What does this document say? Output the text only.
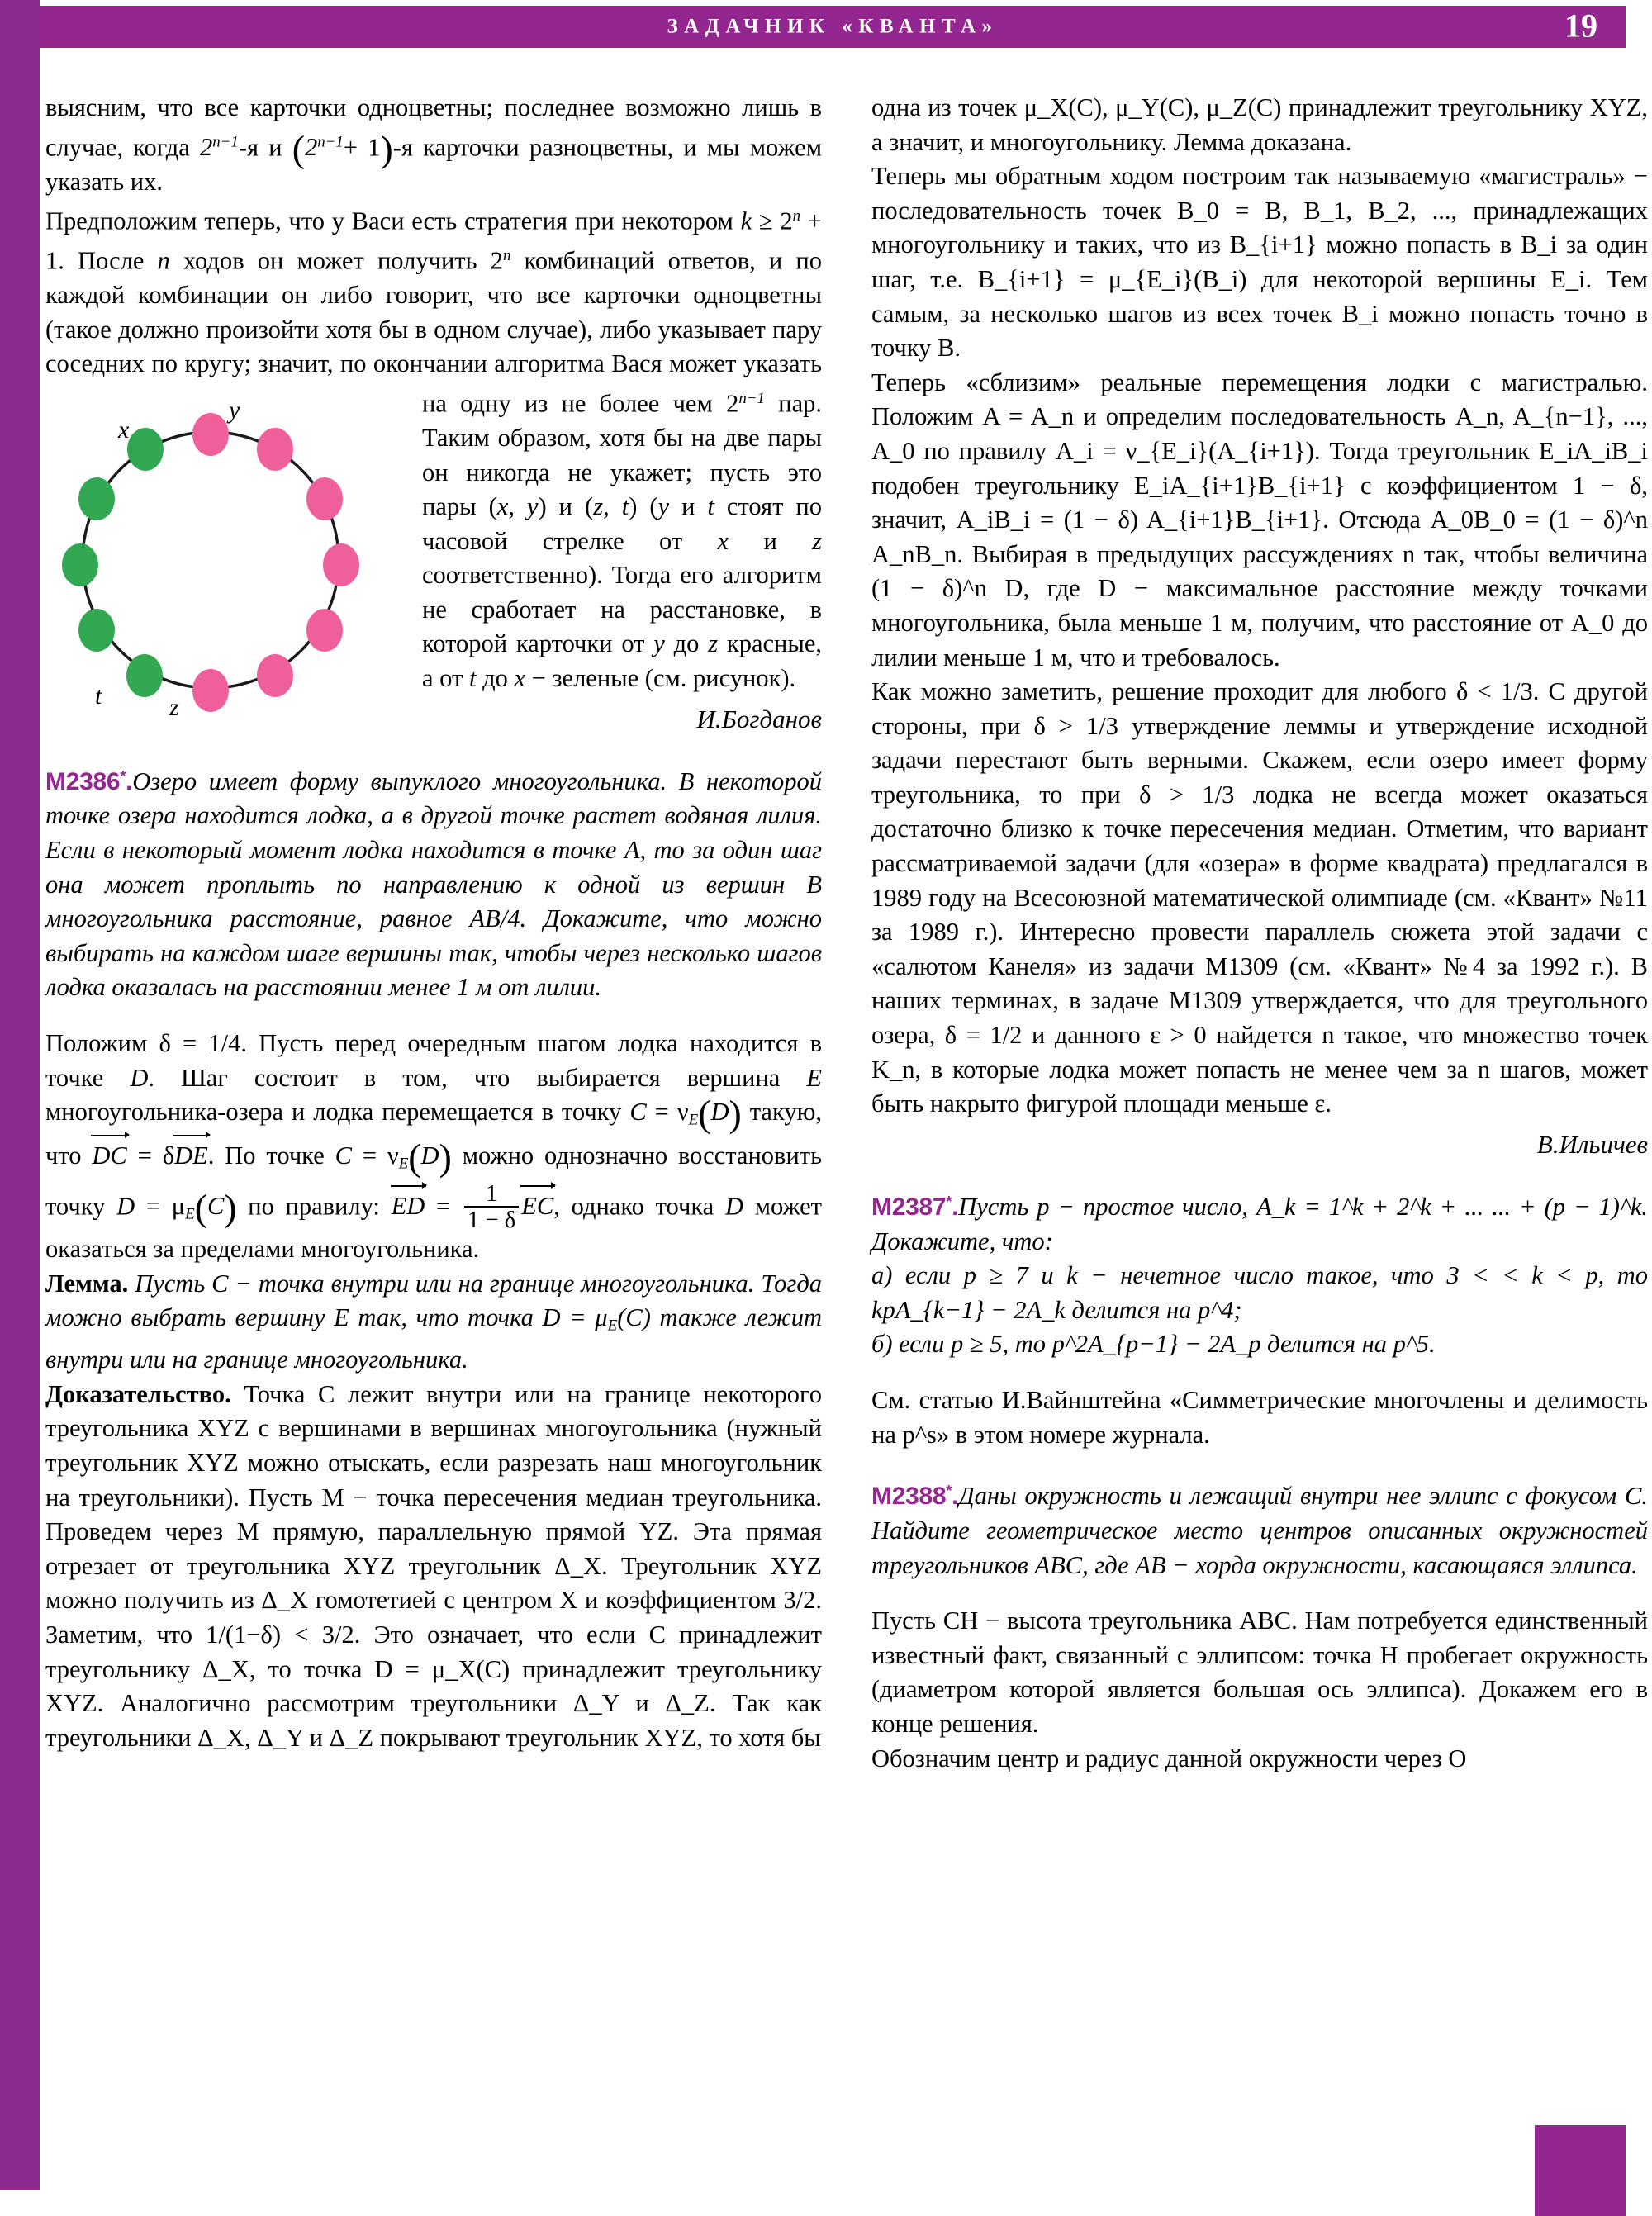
ЗАДАЧНИК «КВАНТА»	19

выясним, что все карточки одноцветны; последнее возможно лишь в случае, когда $2^{n-1}-я$ и $(2^{n-1}+ 1)-я$ карточки разноцветны, и мы можем указать их.

Предположим теперь, что у Васи есть стратегия при некотором $k \ge 2^n + 1$. После n ходов он может получить 2$^n$ комбинаций ответов, и по каждой комбинации он либо говорит, что все карточки одноцветны (такое должно произойти хотя бы в одном случае), либо указывает пару соседних по кругу; значит, по окончании алгоритма Вася может указать на одну из не более чем $2^{n-1}$
x
y
t	z
пар. Таким образом, хотя бы на две пары он никогда не укажет; пусть это пары (x, y) и (z, t) (y и t стоят по часовой стрелке от x и z соответственно). Тогда его алгоритм не сработает на расстановке, в которой карточки от y до z красные, а от t до x − зеленые (см. рисунок).

И.Богданов

M2386*.Озеро имеет форму выпуклого многоугольника. В некоторой точке озера находится лодка, а в другой точке растет водяная лилия. Если в некоторый момент лодка находится в точке A, то за один шаг она может проплыть по направлению к одной из вершин B многоугольника расстояние, равное AB/4. Докажите, что можно выбирать на каждом шаге вершины так, чтобы через несколько шагов лодка оказалась на расстоянии менее 1 м от лилии.

Положим δ = 1/4. Пусть перед очередным шагом лодка находится в точке D. Шаг состоит в том, что выбирается вершина E многоугольника-озера и лодка перемещается в точку $C = \nu_E(D)$ такую, что DC = δDE. По точке $C = \nu_E(D)$ можно однозначно восстановить точку $D = \mu_E(C)$ по правилу: ED = $\frac{1}{1 - \delta}$ EC, однако точка D может оказаться за пределами многоугольника.

Лемма. Пусть C − точка внутри или на границе многоугольника. Тогда можно выбрать вершину E так, что точка $D = \mu_E(C)$ также лежит внутри или на границе многоугольника.

Доказательство. Точка C лежит внутри или на границе некоторого треугольника XYZ с вершинами в вершинах многоугольника (нужный треугольник XYZ можно отыскать, если разрезать наш многоугольник на треугольники). Пусть M − точка пересечения медиан треугольника. Проведем через M прямую, параллельную прямой YZ. Эта прямая отрезает от треугольника XYZ треугольник Δ_X. Треугольник XYZ можно получить из Δ_X гомотетией с центром X и коэффициентом 3/2. Заметим, что 1/(1−δ) < 3/2. Это означает, что если C принадлежит треугольнику Δ_X, то точка D = μ_X(C) принадлежит треугольнику XYZ. Аналогично рассмотрим треугольники Δ_Y и Δ_Z. Так как треугольники Δ_X, Δ_Y и Δ_Z покрывают треугольник XYZ, то хотя бы

одна из точек μ_X(C), μ_Y(C), μ_Z(C) принадлежит треугольнику XYZ, а значит, и многоугольнику. Лемма доказана.

Теперь мы обратным ходом построим так называемую «магистраль» − последовательность точек B_0 = B, B_1, B_2, ..., принадлежащих многоугольнику и таких, что из B_{i+1} можно попасть в B_i за один шаг, т.е. B_{i+1} = μ_{E_i}(B_i) для некоторой вершины E_i. Тем самым, за несколько шагов из всех точек B_i можно попасть точно в точку B.

Теперь «сблизим» реальные перемещения лодки с магистралью. Положим A = A_n и определим последовательность A_n, A_{n−1}, ..., A_0 по правилу A_i = ν_{E_i}(A_{i+1}). Тогда треугольник E_iA_iB_i подобен треугольнику E_iA_{i+1}B_{i+1} с коэффициентом 1 − δ, значит, A_iB_i = (1 − δ) A_{i+1}B_{i+1}. Отсюда A_0B_0 = (1 − δ)^n A_nB_n. Выбирая в предыдущих рассуждениях n так, чтобы величина (1 − δ)^n D, где D − максимальное расстояние между точками многоугольника, была меньше 1 м, получим, что расстояние от A_0 до лилии меньше 1 м, что и требовалось.

Как можно заметить, решение проходит для любого δ < 1/3. С другой стороны, при δ > 1/3 утверждение леммы и утверждение исходной задачи перестают быть верными. Скажем, если озеро имеет форму треугольника, то при δ > 1/3 лодка не всегда может оказаться достаточно близко к точке пересечения медиан. Отметим, что вариант рассматриваемой задачи (для «озера» в форме квадрата) предлагался в 1989 году на Всесоюзной математической олимпиаде (см. «Квант» №11 за 1989 г.). Интересно провести параллель сюжета этой задачи с «салютом Канеля» из задачи М1309 (см. «Квант» №4 за 1992 г.). В наших терминах, в задаче М1309 утверждается, что для треугольного озера, δ = 1/2 и данного ε > 0 найдется n такое, что множество точек K_n, в которые лодка может попасть не менее чем за n шагов, может быть накрыто фигурой площади меньше ε.

В.Ильичев

M2387*.Пусть p − простое число, A_k = 1^k + 2^k + ... ... + (p − 1)^k. Докажите, что:

а) если p ≥ 7 и k − нечетное число такое, что 3 < < k < p, то kpA_{k−1} − 2A_k делится на p^4;

б) если p ≥ 5, то p^2A_{p−1} − 2A_p делится на p^5.

См. статью И.Вайнштейна «Симметрические многочлены и делимость на p^s» в этом номере журнала.

M2388*.Даны окружность и лежащий внутри нее эллипс с фокусом C. Найдите геометрическое место центров описанных окружностей треугольников ABC, где AB − хорда окружности, касающаяся эллипса.

Пусть CH − высота треугольника ABC. Нам потребуется единственный известный факт, связанный с эллипсом: точка H пробегает окружность (диаметром которой является большая ось эллипса). Докажем его в конце решения.

Обозначим центр и радиус данной окружности через O
